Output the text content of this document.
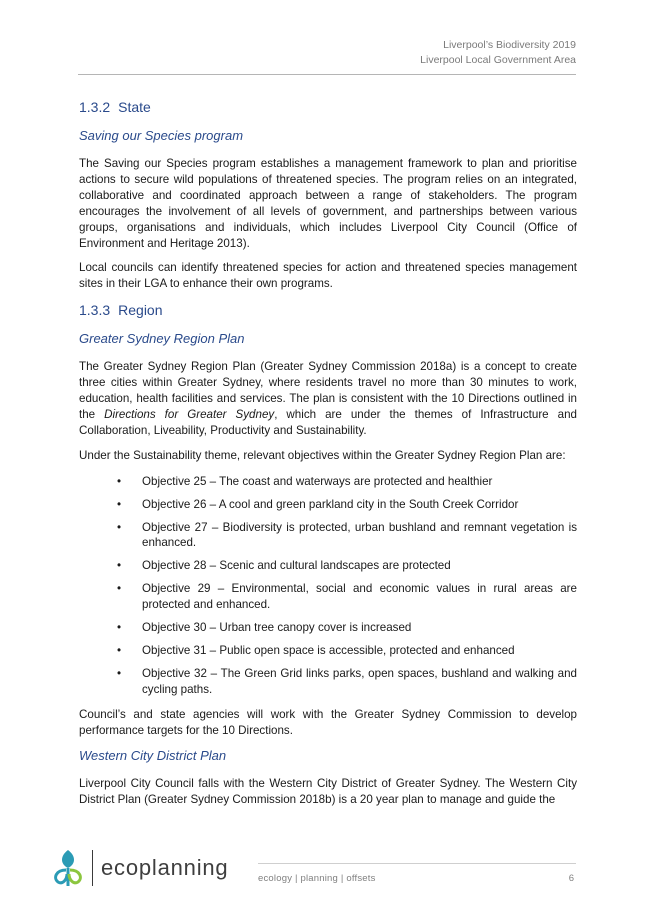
Liverpool’s Biodiversity 2019
Liverpool Local Government Area
1.3.2 State
Saving our Species program

The Saving our Species program establishes a management framework to plan and prioritise actions to secure wild populations of threatened species. The program relies on an integrated, collaborative and coordinated approach between a range of stakeholders. The program encourages the involvement of all levels of government, and partnerships between various groups, organisations and individuals, which includes Liverpool City Council (Office of Environment and Heritage 2013).

Local councils can identify threatened species for action and threatened species management sites in their LGA to enhance their own programs.

1.3.3 Region
Greater Sydney Region Plan

The Greater Sydney Region Plan (Greater Sydney Commission 2018a) is a concept to create three cities within Greater Sydney, where residents travel no more than 30 minutes to work, education, health facilities and services. The plan is consistent with the 10 Directions outlined in the Directions for Greater Sydney, which are under the themes of Infrastructure and Collaboration, Liveability, Productivity and Sustainability.

Under the Sustainability theme, relevant objectives within the Greater Sydney Region Plan are:

• Objective 25 – The coast and waterways are protected and healthier
• Objective 26 – A cool and green parkland city in the South Creek Corridor
• Objective 27 – Biodiversity is protected, urban bushland and remnant vegetation is enhanced.
• Objective 28 – Scenic and cultural landscapes are protected
• Objective 29 – Environmental, social and economic values in rural areas are protected and enhanced.
• Objective 30 – Urban tree canopy cover is increased
• Objective 31 – Public open space is accessible, protected and enhanced
• Objective 32 – The Green Grid links parks, open spaces, bushland and walking and cycling paths.

Council’s and state agencies will work with the Greater Sydney Commission to develop performance targets for the 10 Directions.

Western City District Plan

Liverpool City Council falls with the Western City District of Greater Sydney. The Western City District Plan (Greater Sydney Commission 2018b) is a 20 year plan to manage and guide the

ecoplanning	ecology | planning | offsets	6
